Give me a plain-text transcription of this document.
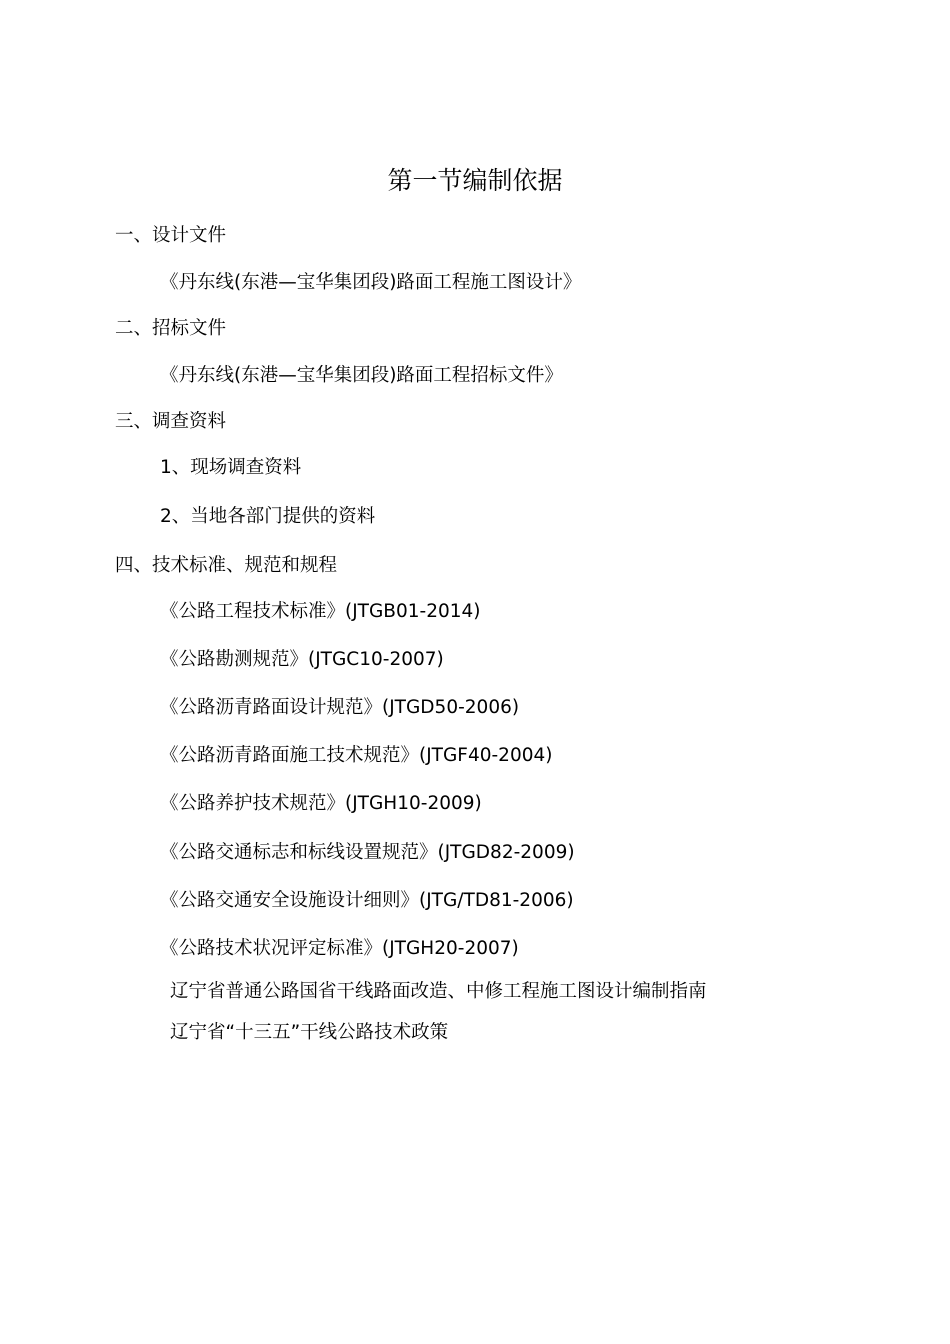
第一节编制依据
一、设计文件
《丹东线(东港—宝华集团段)路面工程施工图设计》
二、招标文件
《丹东线(东港—宝华集团段)路面工程招标文件》
三、调查资料
1、现场调查资料
2、当地各部门提供的资料
四、技术标准、规范和规程
《公路工程技术标准》(JTGB01-2014)
《公路勘测规范》(JTGC10-2007)
《公路沥青路面设计规范》(JTGD50-2006)
《公路沥青路面施工技术规范》(JTGF40-2004)
《公路养护技术规范》(JTGH10-2009)
《公路交通标志和标线设置规范》(JTGD82-2009)
《公路交通安全设施设计细则》(JTG/TD81-2006)
《公路技术状况评定标准》(JTGH20-2007)
辽宁省普通公路国省干线路面改造、中修工程施工图设计编制指南
辽宁省“十三五”干线公路技术政策
